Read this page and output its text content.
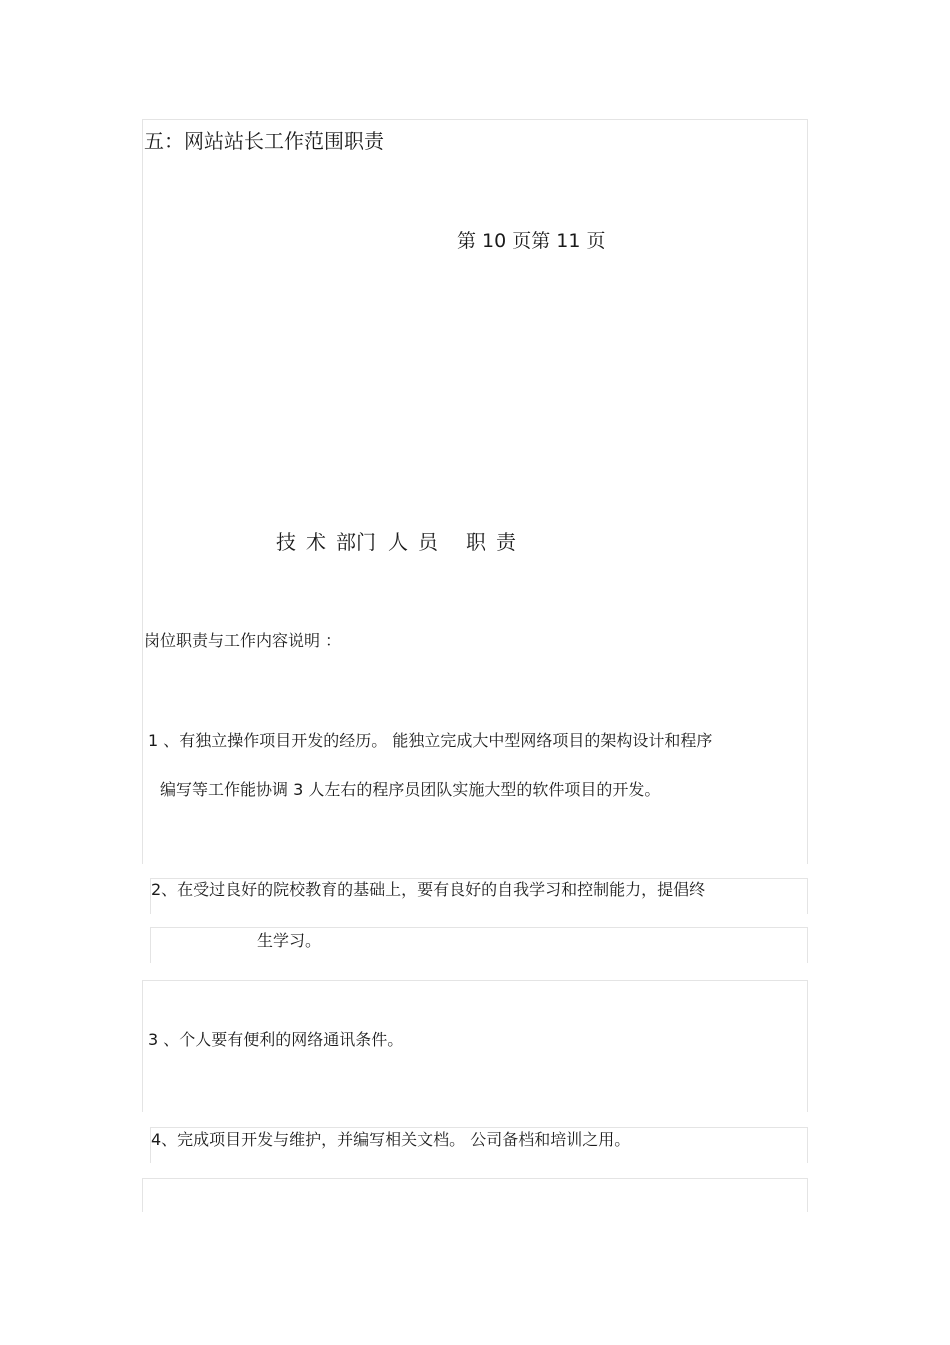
五：网站站长工作范围职责
第 10 页第 11 页
技 术 部门 人 员 职 责
岗位职责与工作内容说明 ：
1 、有独立操作项目开发的经历。 能独立完成大中型网络项目的架构设计和程序
编写等工作能协调 3 人左右的程序员团队实施大型的软件项目的开发。
2、在受过良好的院校教育的基础上，要有良好的自我学习和控制能力，提倡终
生学习。
3 、个人要有便利的网络通讯条件。
4、完成项目开发与维护，并编写相关文档。 公司备档和培训之用。
